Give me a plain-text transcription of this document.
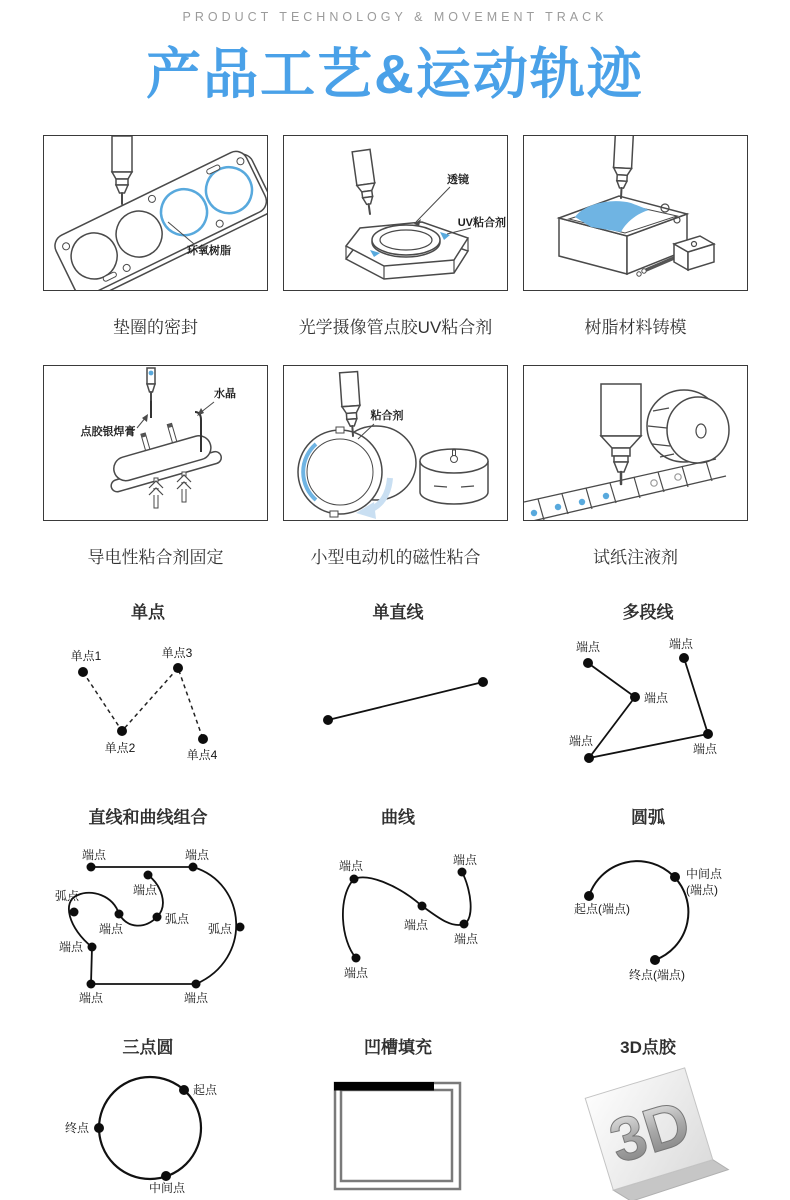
PRODUCT TECHNOLOGY & MOVEMENT TRACK
产品工艺&运动轨迹
环氧树脂
垫圈的密封
透镜
UV粘合剂
光学摄像管点胶UV粘合剂	树脂材料铸模
点胶银焊膏
水晶
导电性粘合剂固定
粘合剂
小型电动机的磁性粘合	试纸注液剂
单点
单点1
单点2
单点3
单点4
单直线	多段线
端点	端点
端点
端点
端点
直线和曲线组合
端点	端点
端点
弧点
端点
弧点
弧点
端点
端点	端点
曲线
端点	端点
端点
端点
端点
圆弧
起点(端点)
中间点
(端点)
终点(端点)
三点圆
起点
终点
中间点
凹槽填充	3D点胶
3D
